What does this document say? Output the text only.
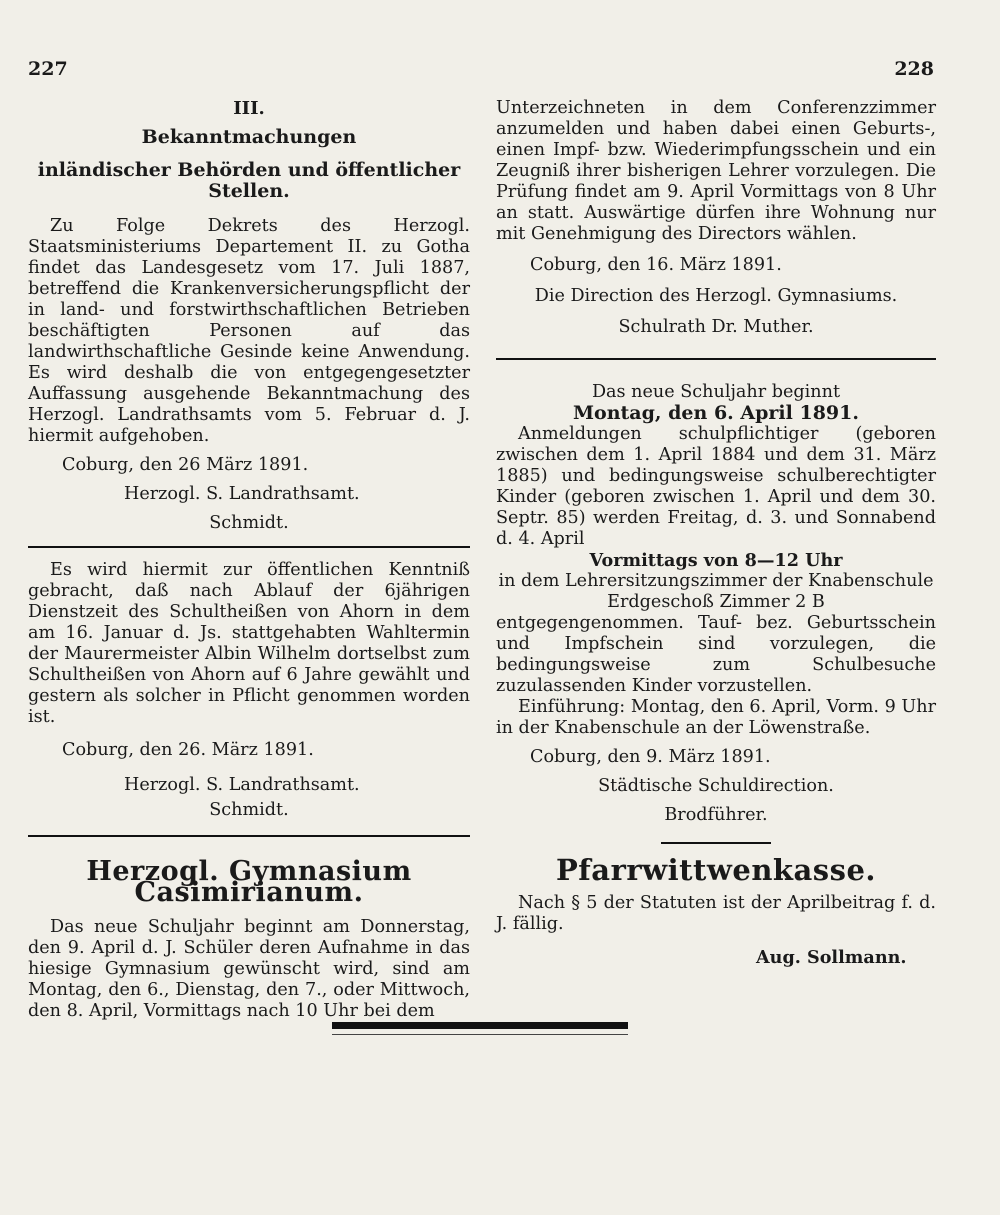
227	228

III.

Bekanntmachungen

inländischer Behörden und öffentlicher Stellen.

Zu Folge Dekrets des Herzogl. Staatsministeriums Departement II. zu Gotha findet das Landesgesetz vom 17. Juli 1887, betreffend die Krankenversicherungspflicht der in land- und forstwirthschaftlichen Betrieben beschäftigten Personen auf das landwirthschaftliche Gesinde keine Anwendung. Es wird deshalb die von entgegengesetzter Auffassung ausgehende Bekanntmachung des Herzogl. Landrathsamts vom 5. Februar d. J. hiermit aufgehoben.

Coburg, den 26 März 1891.

Herzogl. S. Landrathsamt.

Schmidt.

Es wird hiermit zur öffentlichen Kenntniß gebracht, daß nach Ablauf der 6jährigen Dienstzeit des Schultheißen von Ahorn in dem am 16. Januar d. Js. stattgehabten Wahltermin der Maurermeister Albin Wilhelm dortselbst zum Schultheißen von Ahorn auf 6 Jahre gewählt und gestern als solcher in Pflicht genommen worden ist.

Coburg, den 26. März 1891.

Herzogl. S. Landrathsamt.

Schmidt.

Herzogl. Gymnasium Casimirianum.

Das neue Schuljahr beginnt am Donnerstag, den 9. April d. J. Schüler deren Aufnahme in das hiesige Gymnasium gewünscht wird, sind am Montag, den 6., Dienstag, den 7., oder Mittwoch, den 8. April, Vormittags nach 10 Uhr bei dem

Unterzeichneten in dem Conferenzzimmer anzumelden und haben dabei einen Geburts-, einen Impf- bzw. Wiederimpfungsschein und ein Zeugniß ihrer bisherigen Lehrer vorzulegen. Die Prüfung findet am 9. April Vormittags von 8 Uhr an statt. Auswärtige dürfen ihre Wohnung nur mit Genehmigung des Directors wählen.

Coburg, den 16. März 1891.

Die Direction des Herzogl. Gymnasiums.

Schulrath Dr. Muther.

Das neue Schuljahr beginnt

Montag, den 6. April 1891.

Anmeldungen schulpflichtiger (geboren zwischen dem 1. April 1884 und dem 31. März 1885) und bedingungsweise schulberechtigter Kinder (geboren zwischen 1. April und dem 30. Septr. 85) werden Freitag, d. 3. und Sonnabend d. 4. April

Vormittags von 8—12 Uhr

in dem Lehrersitzungszimmer der Knabenschule

Erdgeschoß Zimmer 2 B

entgegengenommen. Tauf- bez. Geburtsschein und Impfschein sind vorzulegen, die bedingungsweise zum Schulbesuche zuzulassenden Kinder vorzustellen.

Einführung: Montag, den 6. April, Vorm. 9 Uhr in der Knabenschule an der Löwenstraße.

Coburg, den 9. März 1891.

Städtische Schuldirection.

Brodführer.

Pfarrwittwenkasse.

Nach § 5 der Statuten ist der Aprilbeitrag f. d. J. fällig.

Aug. Sollmann.
